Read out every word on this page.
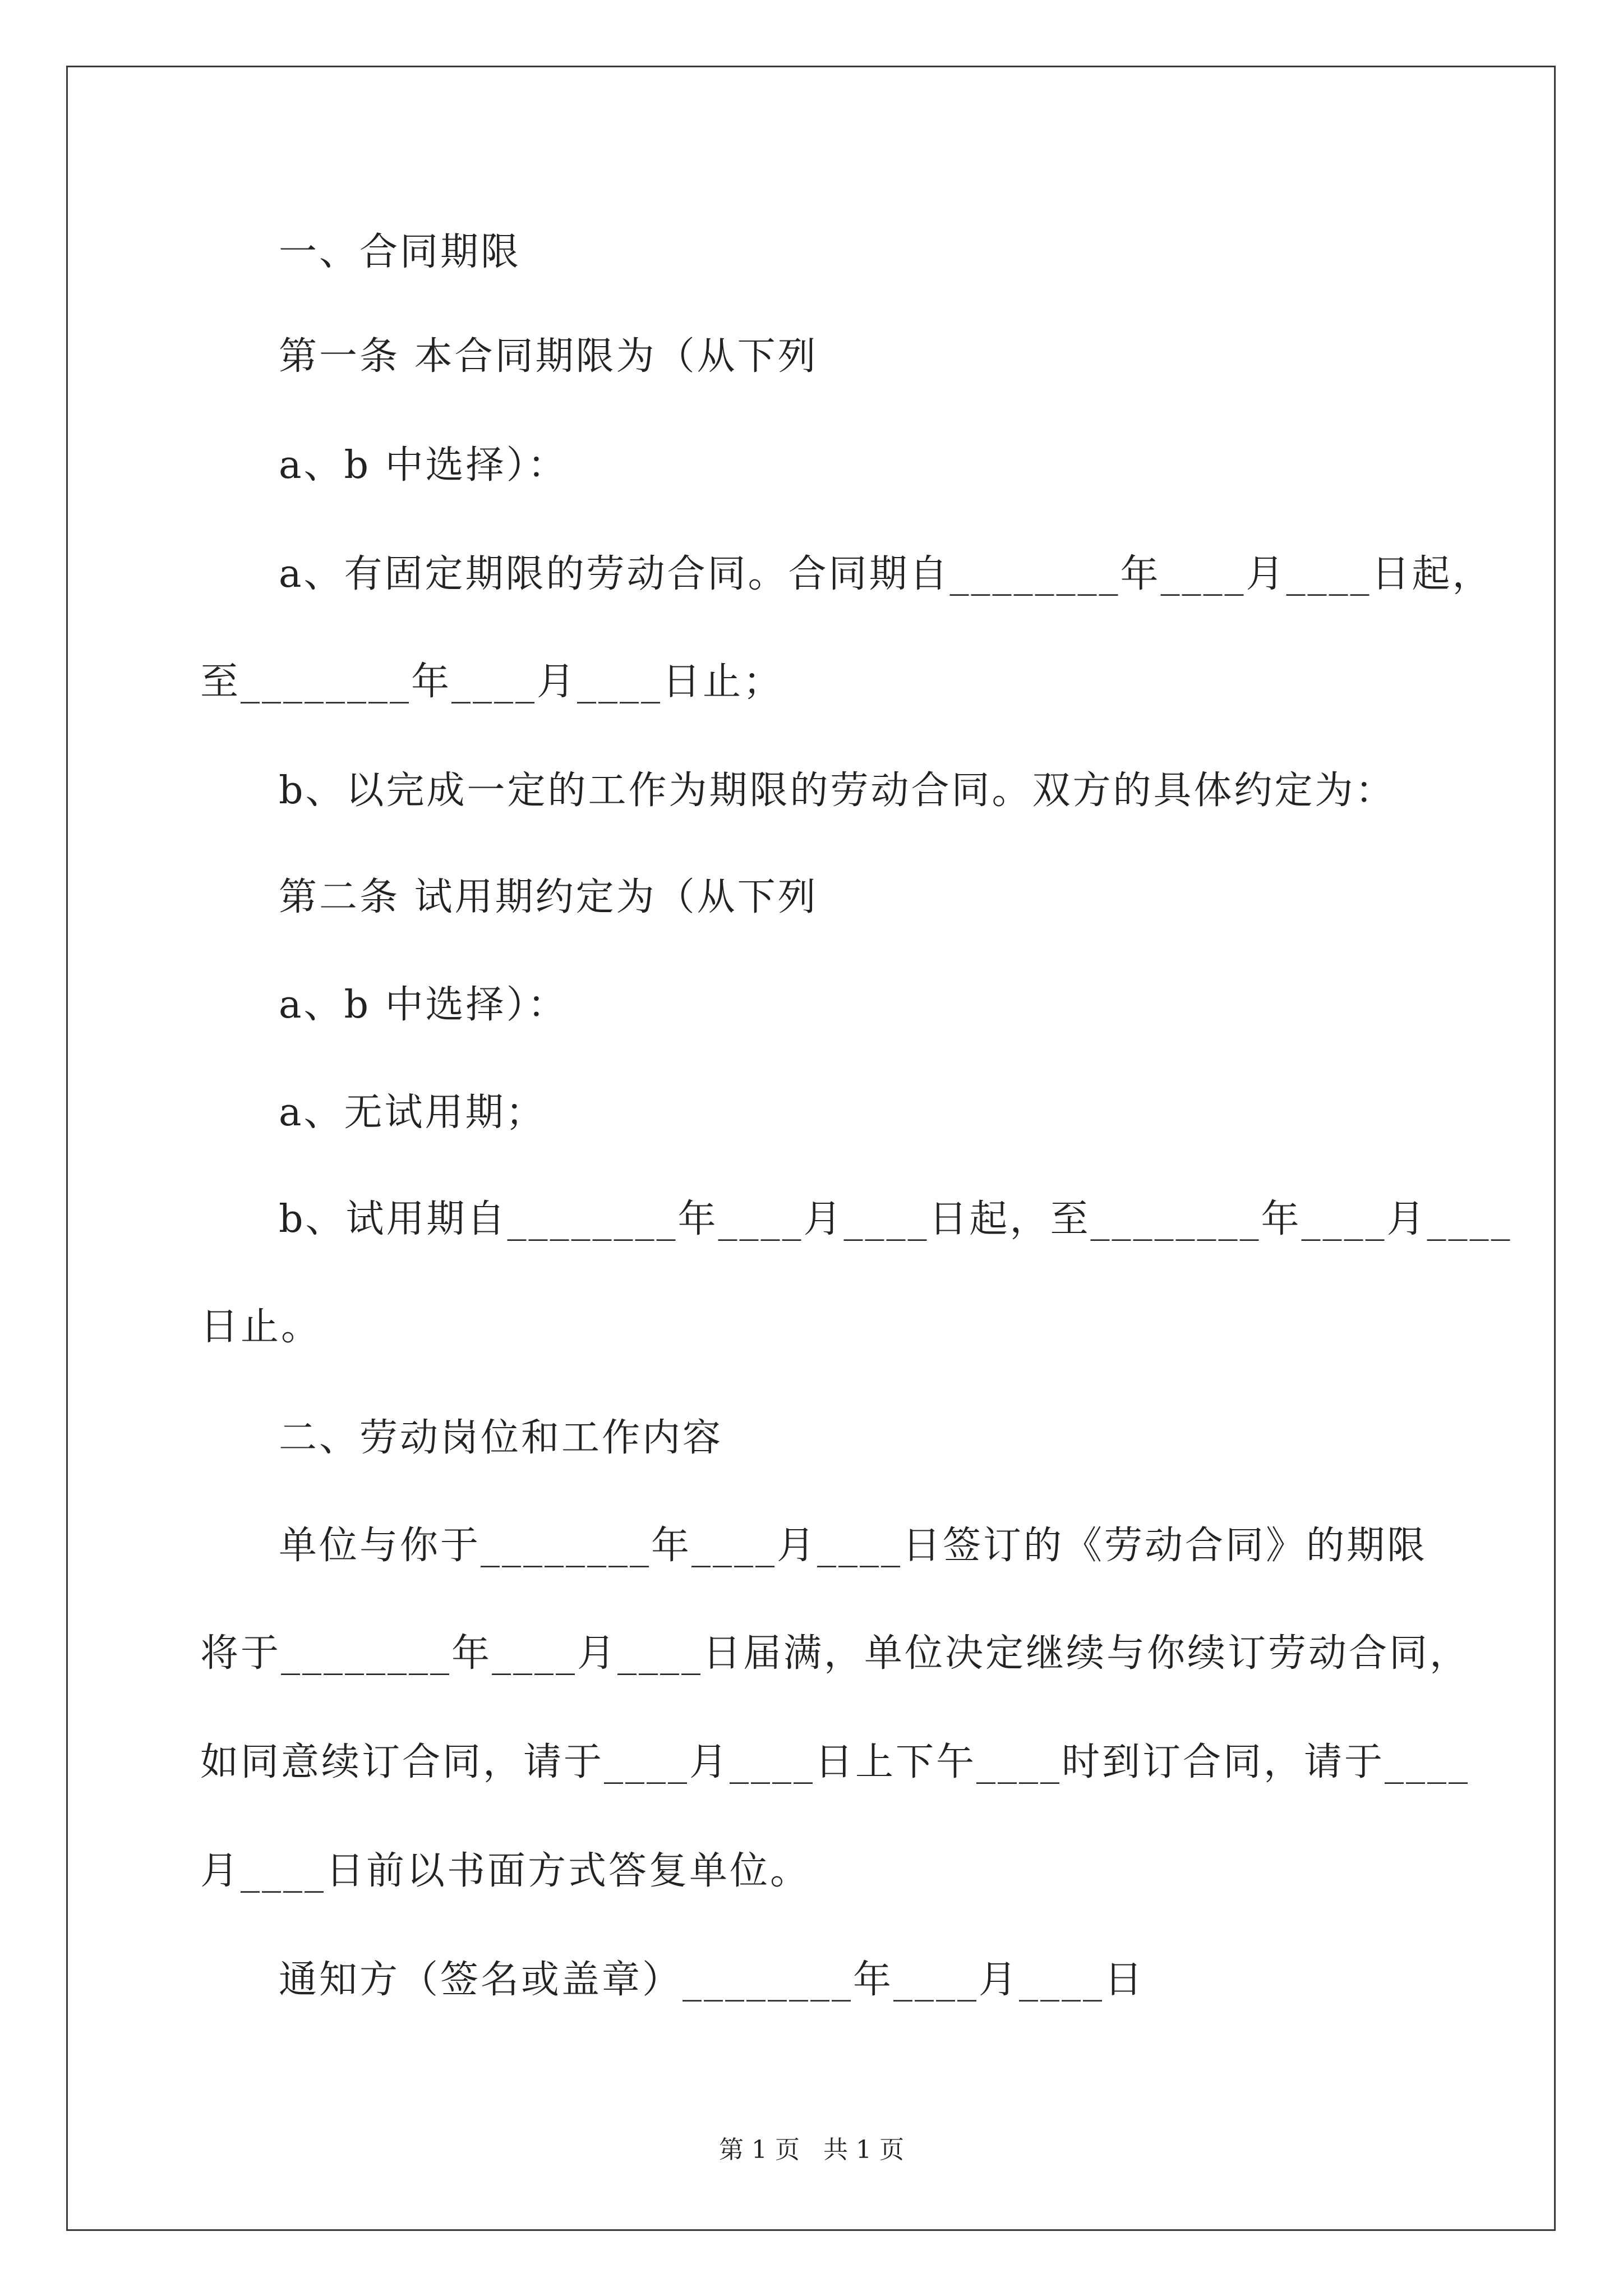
一、合同期限
第一条 本合同期限为（从下列
a、b 中选择）：
a、有固定期限的劳动合同。合同期自________年____月____日起，
至________年____月____日止；
b、以完成一定的工作为期限的劳动合同。双方的具体约定为：
第二条 试用期约定为（从下列
a、b 中选择）：
a、无试用期；
b、试用期自________年____月____日起，至________年____月____
日止。
二、劳动岗位和工作内容
单位与你于________年____月____日签订的《劳动合同》的期限
将于________年____月____日届满，单位决定继续与你续订劳动合同，
如同意续订合同，请于____月____日上下午____时到订合同，请于____
月____日前以书面方式答复单位。
通知方（签名或盖章）________年____月____日
第 1 页   共 1 页
